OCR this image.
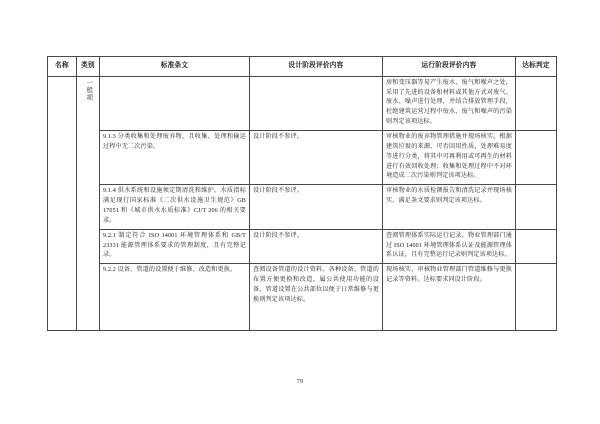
名称	类别	标准条文	设计阶段评价内容	运行阶段评价内容	达标判定
	一般项			房和变压器等易产生废水、废气和噪声之处，采用了先进的设备和材料或其他方式对废气、废水、噪声进行处理，并结合排放管理手段，杜绝建筑运营过程中废水、废气和噪声的污染则判定该项达标。	
		9.1.3 分类收集和处理废弃物，且收集、处理和输运过程中无二次污染。	设计阶段不参评。	审核物业的废弃物管理措施并现场核实。根据建筑垃圾的来源、可否回用性质、处理难易度等进行分类，将其中可再利用或可再生的材料进行有效回收处理；收集和处理过程中不对环境造成二次污染则判定该项达标。	
		9.1.4 供水系统和设施须定期清洗和维护。水质指标满足现行国家标准《二次供水设施卫生规范》GB 17051 和《城市供水水质标准》CJ/T 206 的相关要求。	设计阶段不参评。	审核物业的水质检测报告和清洗记录并现场核实。满足条文要求则判定该项达标。	
		9.2.1 制定符合 ISO 14001 环境管理体系和 GB/T 23331 能源管理体系要求的管理制度，且有完整记录。	设计阶段不参评。	查阅管理体系实际运行记录。物业管理部门通过 ISO 14001 环境管理体系认证及能源管理体系认证，且有完整运行记录则判定该项达标。	
		9.2.2 设备、管道的设置便于维修、改造和更换。	查阅设备管道的设计资料。各种设备、管道的布置方便更换和改造，属公共使用功能的设备、管道设置在公共部位以便于日常维修与更换则判定该项达标。	现场核实、审核物业管理部门管道维修与更换记录等资料。达标要求同设计阶段。	
79
